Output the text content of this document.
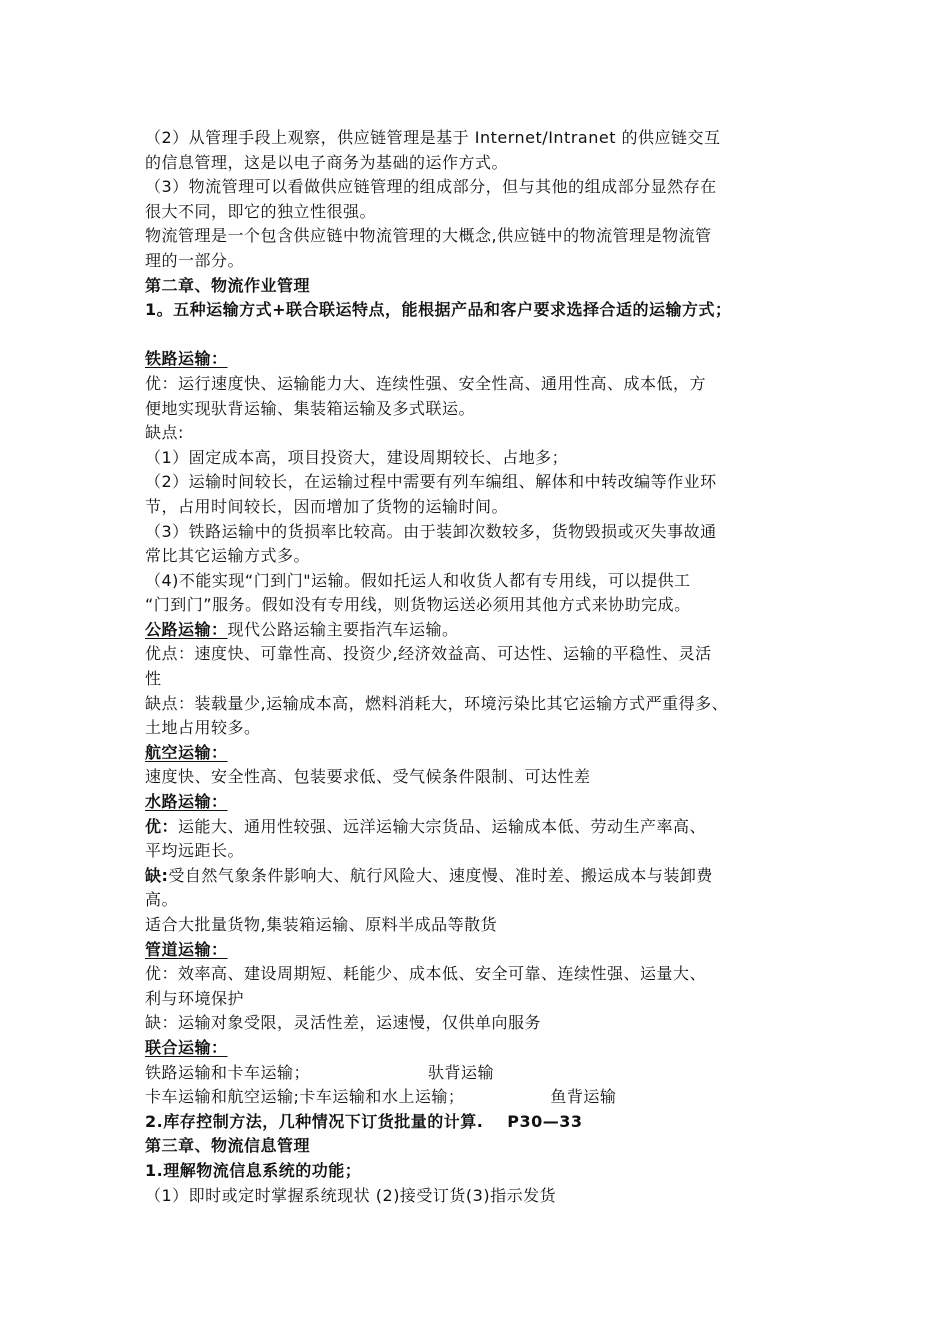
（2）从管理手段上观察，供应链管理是基于 Internet/Intranet 的供应链交互
的信息管理，这是以电子商务为基础的运作方式。
（3）物流管理可以看做供应链管理的组成部分，但与其他的组成部分显然存在
很大不同，即它的独立性很强。
物流管理是一个包含供应链中物流管理的大概念,供应链中的物流管理是物流管
理的一部分。
第二章、物流作业管理
1。五种运输方式+联合联运特点，能根据产品和客户要求选择合适的运输方式；
铁路运输：
优：运行速度快、运输能力大、连续性强、安全性高、通用性高、成本低，方
便地实现驮背运输、集装箱运输及多式联运。
缺点:
（1）固定成本高，项目投资大，建设周期较长、占地多；
（2）运输时间较长，在运输过程中需要有列车编组、解体和中转改编等作业环
节，占用时间较长，因而增加了货物的运输时间。
（3）铁路运输中的货损率比较高。由于装卸次数较多，货物毁损或灭失事故通
常比其它运输方式多。
（4)不能实现“门到门"运输。假如托运人和收货人都有专用线，可以提供工
“门到门”服务。假如没有专用线，则货物运送必须用其他方式来协助完成。
公路运输：现代公路运输主要指汽车运输。
优点：速度快、可靠性高、投资少,经济效益高、可达性、运输的平稳性、灵活
性
缺点：装载量少,运输成本高，燃料消耗大，环境污染比其它运输方式严重得多、
土地占用较多。
航空运输：
速度快、安全性高、包装要求低、受气候条件限制、可达性差
水路运输：
优：运能大、通用性较强、远洋运输大宗货品、运输成本低、劳动生产率高、
平均远距长。
缺:受自然气象条件影响大、航行风险大、速度慢、准时差、搬运成本与装卸费
高。
适合大批量货物,集装箱运输、原料半成品等散货
管道运输：
优：效率高、建设周期短、耗能少、成本低、安全可靠、连续性强、运量大、
利与环境保护
缺：运输对象受限，灵活性差，运速慢，仅供单向服务
联合运输：
铁路运输和卡车运输；	驮背运输
卡车运输和航空运输;卡车运输和水上运输；	鱼背运输
2.库存控制方法，几种情况下订货批量的计算. P30—33
第三章、物流信息管理
1.理解物流信息系统的功能；
（1）即时或定时掌握系统现状 (2)接受订货(3)指示发货
